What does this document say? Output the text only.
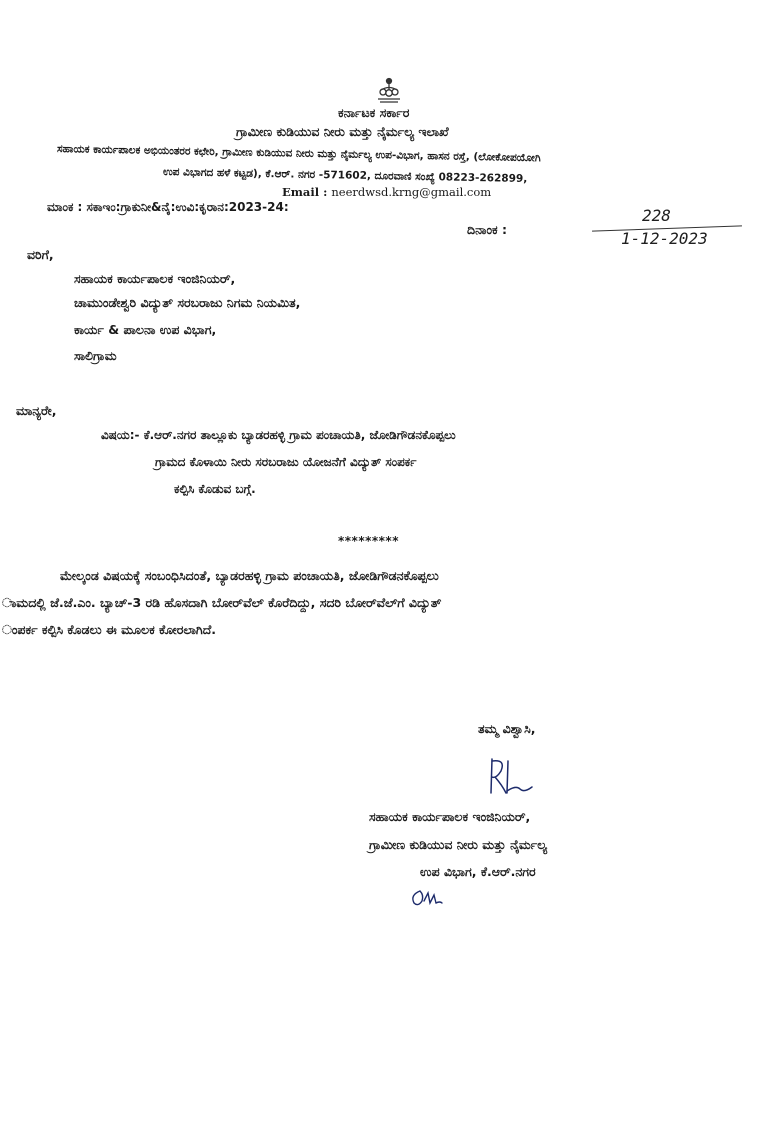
ಕರ್ನಾಟಕ ಸರ್ಕಾರ
ಗ್ರಾಮೀಣ ಕುಡಿಯುವ ನೀರು ಮತ್ತು ನೈರ್ಮಲ್ಯ ಇಲಾಖೆ
ಸಹಾಯಕ ಕಾರ್ಯಪಾಲಕ ಅಭಿಯಂತರರ ಕಛೇರಿ, ಗ್ರಾಮೀಣ ಕುಡಿಯುವ ನೀರು ಮತ್ತು ನೈರ್ಮಲ್ಯ ಉಪ-ವಿಭಾಗ, ಹಾಸನ ರಸ್ತೆ, (ಲೋಕೋಪಯೋಗಿ
ಉಪ ವಿಭಾಗದ ಹಳೆ ಕಟ್ಟಡ), ಕೆ.ಆರ್. ನಗರ -571602, ದೂರವಾಣಿ ಸಂಖ್ಯೆ 08223-262899,
Email : neerdwsd.krng@gmail.com
ಮಾಂಕ : ಸಕಾಇಂ:ಗ್ರಾಕುನೀ&ನೈ:ಉವಿ:ಕೃರಾನ:2023-24:
ದಿನಾಂಕ :
228
1-12-2023
ವರಿಗೆ,
ಸಹಾಯಕ ಕಾರ್ಯಪಾಲಕ ಇಂಜಿನಿಯರ್,
ಚಾಮುಂಡೇಶ್ವರಿ ವಿದ್ಯುತ್ ಸರಬರಾಜು ನಿಗಮ ನಿಯಮಿತ,
ಕಾರ್ಯ & ಪಾಲನಾ ಉಪ ವಿಭಾಗ,
ಸಾಲಿಗ್ರಾಮ
ಮಾನ್ಯರೇ,
ವಿಷಯ:- ಕೆ.ಆರ್.ನಗರ ತಾಲ್ಲೂಕು ಬ್ಯಾಡರಹಳ್ಳಿ ಗ್ರಾಮ ಪಂಚಾಯತಿ, ಜೋಡಿಗೌಡನಕೊಪ್ಪಲು
ಗ್ರಾಮದ ಕೊಳಾಯಿ ನೀರು ಸರಬರಾಜು ಯೋಜನೆಗೆ ವಿದ್ಯುತ್ ಸಂಪರ್ಕ
ಕಲ್ಪಿಸಿ ಕೊಡುವ ಬಗ್ಗೆ.
*********
ಮೇಲ್ಕಂಡ ವಿಷಯಕ್ಕೆ ಸಂಬಂಧಿಸಿದಂತೆ, ಬ್ಯಾಡರಹಳ್ಳಿ ಗ್ರಾಮ ಪಂಚಾಯತಿ, ಜೋಡಿಗೌಡನಕೊಪ್ಪಲು
ಾಮದಲ್ಲಿ ಜೆ.ಜೆ.ಎಂ. ಬ್ಯಾಚ್-3 ರಡಿ ಹೊಸದಾಗಿ ಬೋರ್‌ವೆಲ್ ಕೊರೆದಿದ್ದು, ಸದರಿ ಬೋರ್‌ವೆಲ್‌ಗೆ ವಿದ್ಯುತ್
ಂಪರ್ಕ ಕಲ್ಪಿಸಿ ಕೊಡಲು ಈ ಮೂಲಕ ಕೋರಲಾಗಿದೆ.
ತಮ್ಮ ವಿಶ್ವಾಸಿ,
ಸಹಾಯಕ ಕಾರ್ಯಪಾಲಕ ಇಂಜಿನಿಯರ್,
ಗ್ರಾಮೀಣ ಕುಡಿಯುವ ನೀರು ಮತ್ತು ನೈರ್ಮಲ್ಯ
ಉಪ ವಿಭಾಗ, ಕೆ.ಆರ್.ನಗರ
